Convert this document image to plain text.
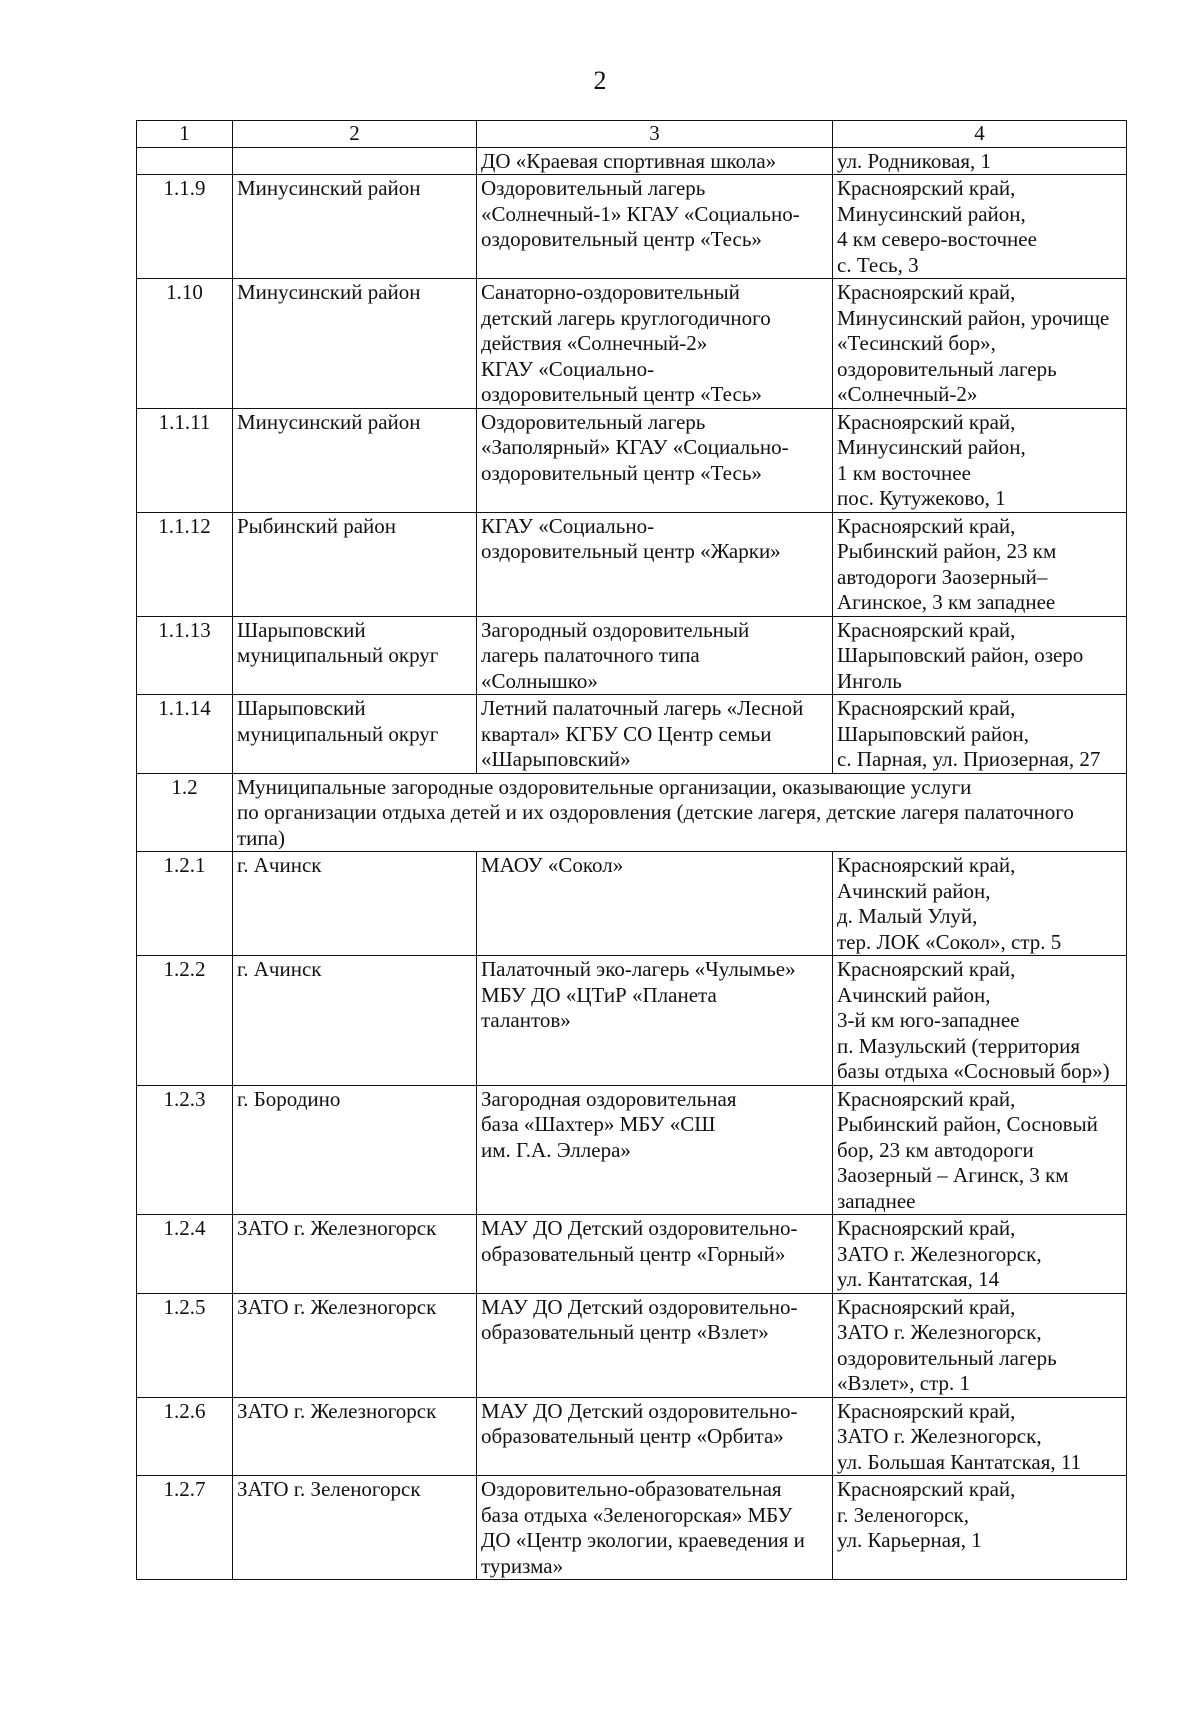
2
1	2	3	4
		ДО «Краевая спортивная школа»	ул. Родниковая, 1
1.1.9	Минусинский район	Оздоровительный лагерь
«Солнечный-1» КГАУ «Социально-
оздоровительный центр «Тесь»	Красноярский край,
Минусинский район,
4 км северо-восточнее
с. Тесь, 3
1.10	Минусинский район	Санаторно-оздоровительный
детский лагерь круглогодичного
действия «Солнечный-2»
КГАУ «Социально-
оздоровительный центр «Тесь»	Красноярский край,
Минусинский район, урочище
«Тесинский бор»,
оздоровительный лагерь
«Солнечный-2»
1.1.11	Минусинский район	Оздоровительный лагерь
«Заполярный» КГАУ «Социально-
оздоровительный центр «Тесь»	Красноярский край,
Минусинский район,
1 км восточнее
пос. Кутужеково, 1
1.1.12	Рыбинский район	КГАУ «Социально-
оздоровительный центр «Жарки»	Красноярский край,
Рыбинский район, 23 км
автодороги Заозерный–
Агинское, 3 км западнее
1.1.13	Шарыповский
муниципальный округ	Загородный оздоровительный
лагерь палаточного типа
«Солнышко»	Красноярский край,
Шарыповский район, озеро
Инголь
1.1.14	Шарыповский
муниципальный округ	Летний палаточный лагерь «Лесной
квартал» КГБУ СО Центр семьи
«Шарыповский»	Красноярский край,
Шарыповский район,
с. Парная, ул. Приозерная, 27
1.2	Муниципальные загородные оздоровительные организации, оказывающие услуги
по организации отдыха детей и их оздоровления (детские лагеря, детские лагеря палаточного
типа)		
1.2.1	г. Ачинск	МАОУ «Сокол»	Красноярский край,
Ачинский район,
д. Малый Улуй,
тер. ЛОК «Сокол», стр. 5
1.2.2	г. Ачинск	Палаточный эко-лагерь «Чулымье»
МБУ ДО «ЦТиР «Планета
талантов»	Красноярский край,
Ачинский район,
3-й км юго-западнее
п. Мазульский (территория
базы отдыха «Сосновый бор»)
1.2.3	г. Бородино	Загородная оздоровительная
база «Шахтер» МБУ «СШ
им. Г.А. Эллера»	Красноярский край,
Рыбинский район, Сосновый
бор, 23 км автодороги
Заозерный – Агинск, 3 км
западнее
1.2.4	ЗАТО г. Железногорск	МАУ ДО Детский оздоровительно-
образовательный центр «Горный»	Красноярский край,
ЗАТО г. Железногорск,
ул. Кантатская, 14
1.2.5	ЗАТО г. Железногорск	МАУ ДО Детский оздоровительно-
образовательный центр «Взлет»	Красноярский край,
ЗАТО г. Железногорск,
оздоровительный лагерь
«Взлет», стр. 1
1.2.6	ЗАТО г. Железногорск	МАУ ДО Детский оздоровительно-
образовательный центр «Орбита»	Красноярский край,
ЗАТО г. Железногорск,
ул. Большая Кантатская, 11
1.2.7	ЗАТО г. Зеленогорск	Оздоровительно-образовательная
база отдыха «Зеленогорская» МБУ
ДО «Центр экологии, краеведения и
туризма»	Красноярский край,
г. Зеленогорск,
ул. Карьерная, 1
